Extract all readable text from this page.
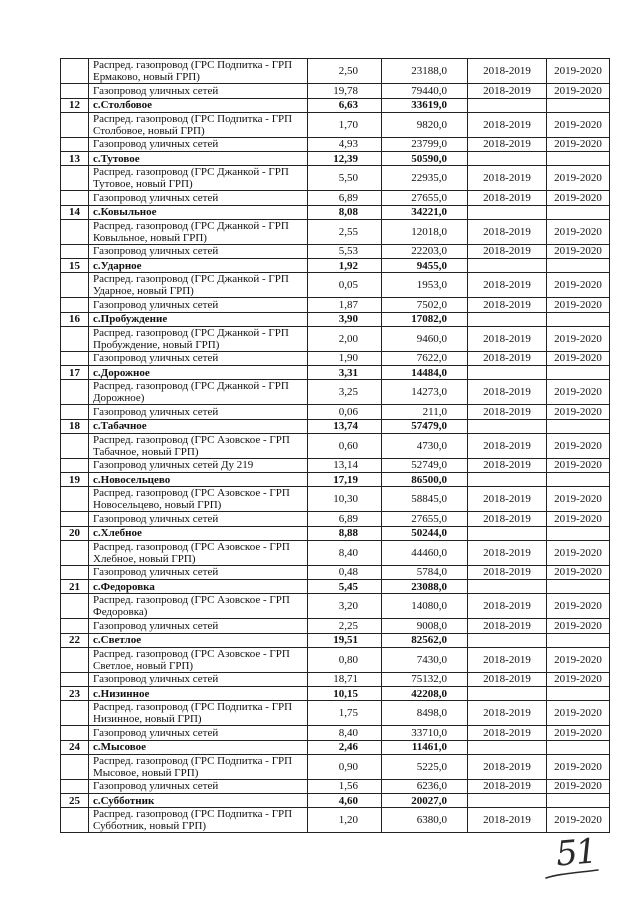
	Распред. газопровод (ГРС Подпитка - ГРП Ермаково, новый ГРП)	2,50	23188,0	2018-2019	2019-2020
	Газопровод уличных сетей	19,78	79440,0	2018-2019	2019-2020
12	с.Столбовое	6,63	33619,0		
	Распред. газопровод (ГРС Подпитка - ГРП Столбовое, новый ГРП)	1,70	9820,0	2018-2019	2019-2020
	Газопровод уличных сетей	4,93	23799,0	2018-2019	2019-2020
13	с.Тутовое	12,39	50590,0		
	Распред. газопровод (ГРС Джанкой - ГРП Тутовое, новый ГРП)	5,50	22935,0	2018-2019	2019-2020
	Газопровод уличных сетей	6,89	27655,0	2018-2019	2019-2020
14	с.Ковыльное	8,08	34221,0		
	Распред. газопровод (ГРС Джанкой - ГРП Ковыльное, новый ГРП)	2,55	12018,0	2018-2019	2019-2020
	Газопровод уличных сетей	5,53	22203,0	2018-2019	2019-2020
15	с.Ударное	1,92	9455,0		
	Распред. газопровод (ГРС Джанкой - ГРП Ударное, новый ГРП)	0,05	1953,0	2018-2019	2019-2020
	Газопровод уличных сетей	1,87	7502,0	2018-2019	2019-2020
16	с.Пробуждение	3,90	17082,0		
	Распред. газопровод (ГРС Джанкой - ГРП Пробуждение, новый ГРП)	2,00	9460,0	2018-2019	2019-2020
	Газопровод уличных сетей	1,90	7622,0	2018-2019	2019-2020
17	с.Дорожное	3,31	14484,0		
	Распред. газопровод (ГРС Джанкой - ГРП Дорожное)	3,25	14273,0	2018-2019	2019-2020
	Газопровод уличных сетей	0,06	211,0	2018-2019	2019-2020
18	с.Табачное	13,74	57479,0		
	Распред. газопровод (ГРС Азовское - ГРП Табачное, новый ГРП)	0,60	4730,0	2018-2019	2019-2020
	Газопровод уличных сетей Ду 219	13,14	52749,0	2018-2019	2019-2020
19	с.Новосельцево	17,19	86500,0		
	Распред. газопровод (ГРС Азовское - ГРП Новосельцево, новый ГРП)	10,30	58845,0	2018-2019	2019-2020
	Газопровод уличных сетей	6,89	27655,0	2018-2019	2019-2020
20	с.Хлебное	8,88	50244,0		
	Распред. газопровод (ГРС Азовское - ГРП Хлебное, новый ГРП)	8,40	44460,0	2018-2019	2019-2020
	Газопровод уличных сетей	0,48	5784,0	2018-2019	2019-2020
21	с.Федоровка	5,45	23088,0		
	Распред. газопровод (ГРС Азовское - ГРП Федоровка)	3,20	14080,0	2018-2019	2019-2020
	Газопровод уличных сетей	2,25	9008,0	2018-2019	2019-2020
22	с.Светлое	19,51	82562,0		
	Распред. газопровод (ГРС Азовское - ГРП Светлое, новый ГРП)	0,80	7430,0	2018-2019	2019-2020
	Газопровод уличных сетей	18,71	75132,0	2018-2019	2019-2020
23	с.Низинное	10,15	42208,0		
	Распред. газопровод (ГРС Подпитка - ГРП Низинное, новый ГРП)	1,75	8498,0	2018-2019	2019-2020
	Газопровод уличных сетей	8,40	33710,0	2018-2019	2019-2020
24	с.Мысовое	2,46	11461,0		
	Распред. газопровод (ГРС Подпитка - ГРП Мысовое, новый ГРП)	0,90	5225,0	2018-2019	2019-2020
	Газопровод уличных сетей	1,56	6236,0	2018-2019	2019-2020
25	с.Субботник	4,60	20027,0		
	Распред. газопровод (ГРС Подпитка - ГРП Субботник, новый ГРП)	1,20	6380,0	2018-2019	2019-2020
51
